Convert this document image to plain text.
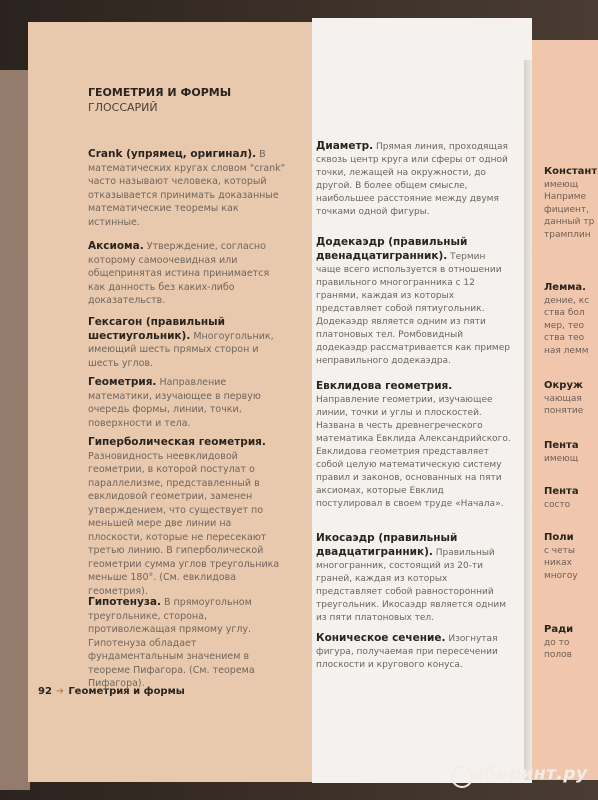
ГЕОМЕТРИЯ И ФОРМЫ
ГЛОССАРИЙ
Crank (упрямец, оригинал). В математических кругах словом "crank" часто называют человека, который отказывается принимать доказанные математические теоремы как истинные.
Аксиома. Утверждение, согласно которому самоочевидная или общепринятая истина принимается как данность без каких-либо доказательств.
Гексагон (правильный шестиугольник). Многоугольник, имеющий шесть прямых сторон и шесть углов.
Геометрия. Направление математики, изучающее в первую очередь формы, линии, точки, поверхности и тела.
Гиперболическая геометрия. Разновидность неевклидовой геометрии, в которой постулат о параллелизме, представленный в евклидовой геометрии, заменен утверждением, что существует по меньшей мере две линии на плоскости, которые не пересекают третью линию. В гиперболической геометрии сумма углов треугольника меньше 180°. (См. евклидова геометрия).
Гипотенуза. В прямоугольном треугольнике, сторона, противолежащая прямому углу. Гипотенуза обладает фундаментальным значением в теореме Пифагора. (См. теорема Пифагора).
Диаметр. Прямая линия, проходящая сквозь центр круга или сферы от одной точки, лежащей на окружности, до другой. В более общем смысле, наибольшее расстояние между двумя точками одной фигуры.
Додекаэдр (правильный двенадцатигранник). Термин чаще всего используется в отношении правильного многогранника с 12 гранями, каждая из которых представляет собой пятиугольник. Додекаэдр является одним из пяти платоновых тел. Ромбовидный додекаэдр рассматривается как пример неправильного додекаэдра.
Евклидова геометрия. Направление геометрии, изучающее линии, точки и углы и плоскостей. Названа в честь древнегреческого математика Евклида Александрийского. Евклидова геометрия представляет собой целую математическую систему правил и законов, основанных на пяти аксиомах, которые Евклид постулировал в своем труде «Начала».
Икосаэдр (правильный двадцатигранник). Правильный многогранник, состоящий из 20-ти граней, каждая из которых представляет собой равносторонний треугольник. Икосаэдр является одним из пяти платоновых тел.
Коническое сечение. Изогнутая фигура, получаемая при пересечении плоскости и кругового конуса.
Констант
имеющ
Наприме
фициент,
данный тр
трамплин
Лемма.
дение, кс
ства бол
мер, тео
ства тео
ная лемм
Окруж
чающая
понятие
Пента
имеющ
Пента
состо
Поли
с четы
никах
многоу
Ради
до то
полов
92 ➜ Геометрия и формы
абиринт.ру
